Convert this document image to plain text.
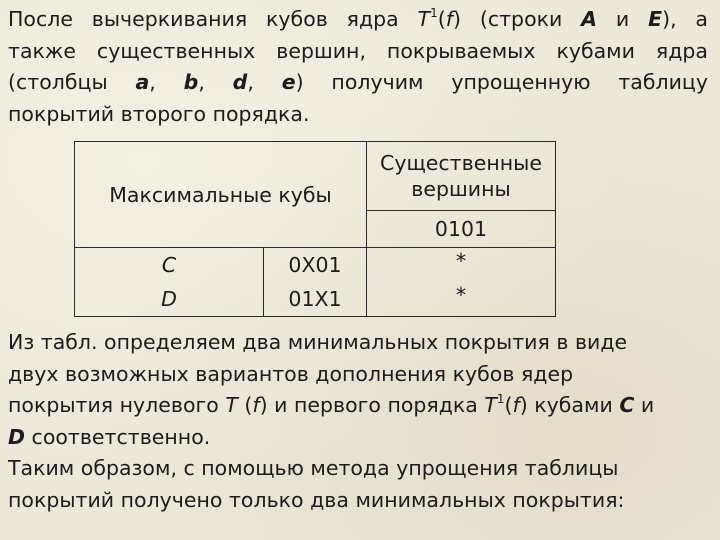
После вычеркивания кубов ядра $T^1(f)$ (строки A и E), а
также существенных вершин, покрываемых кубами ядра
(столбцы a, b, d, e) получим упрощенную таблицу
покрытий второго порядка.
Максимальные кубы		Существенные
вершины

		0101
C	0X01	*
D	01X1	*
Из табл. определяем два минимальных покрытия в виде
двух возможных вариантов дополнения кубов ядер
покрытия нулевого T (f) и первого порядка $T^1(f)$ кубами C и
D соответственно.
Таким образом, с помощью метода упрощения таблицы
покрытий получено только два минимальных покрытия:
